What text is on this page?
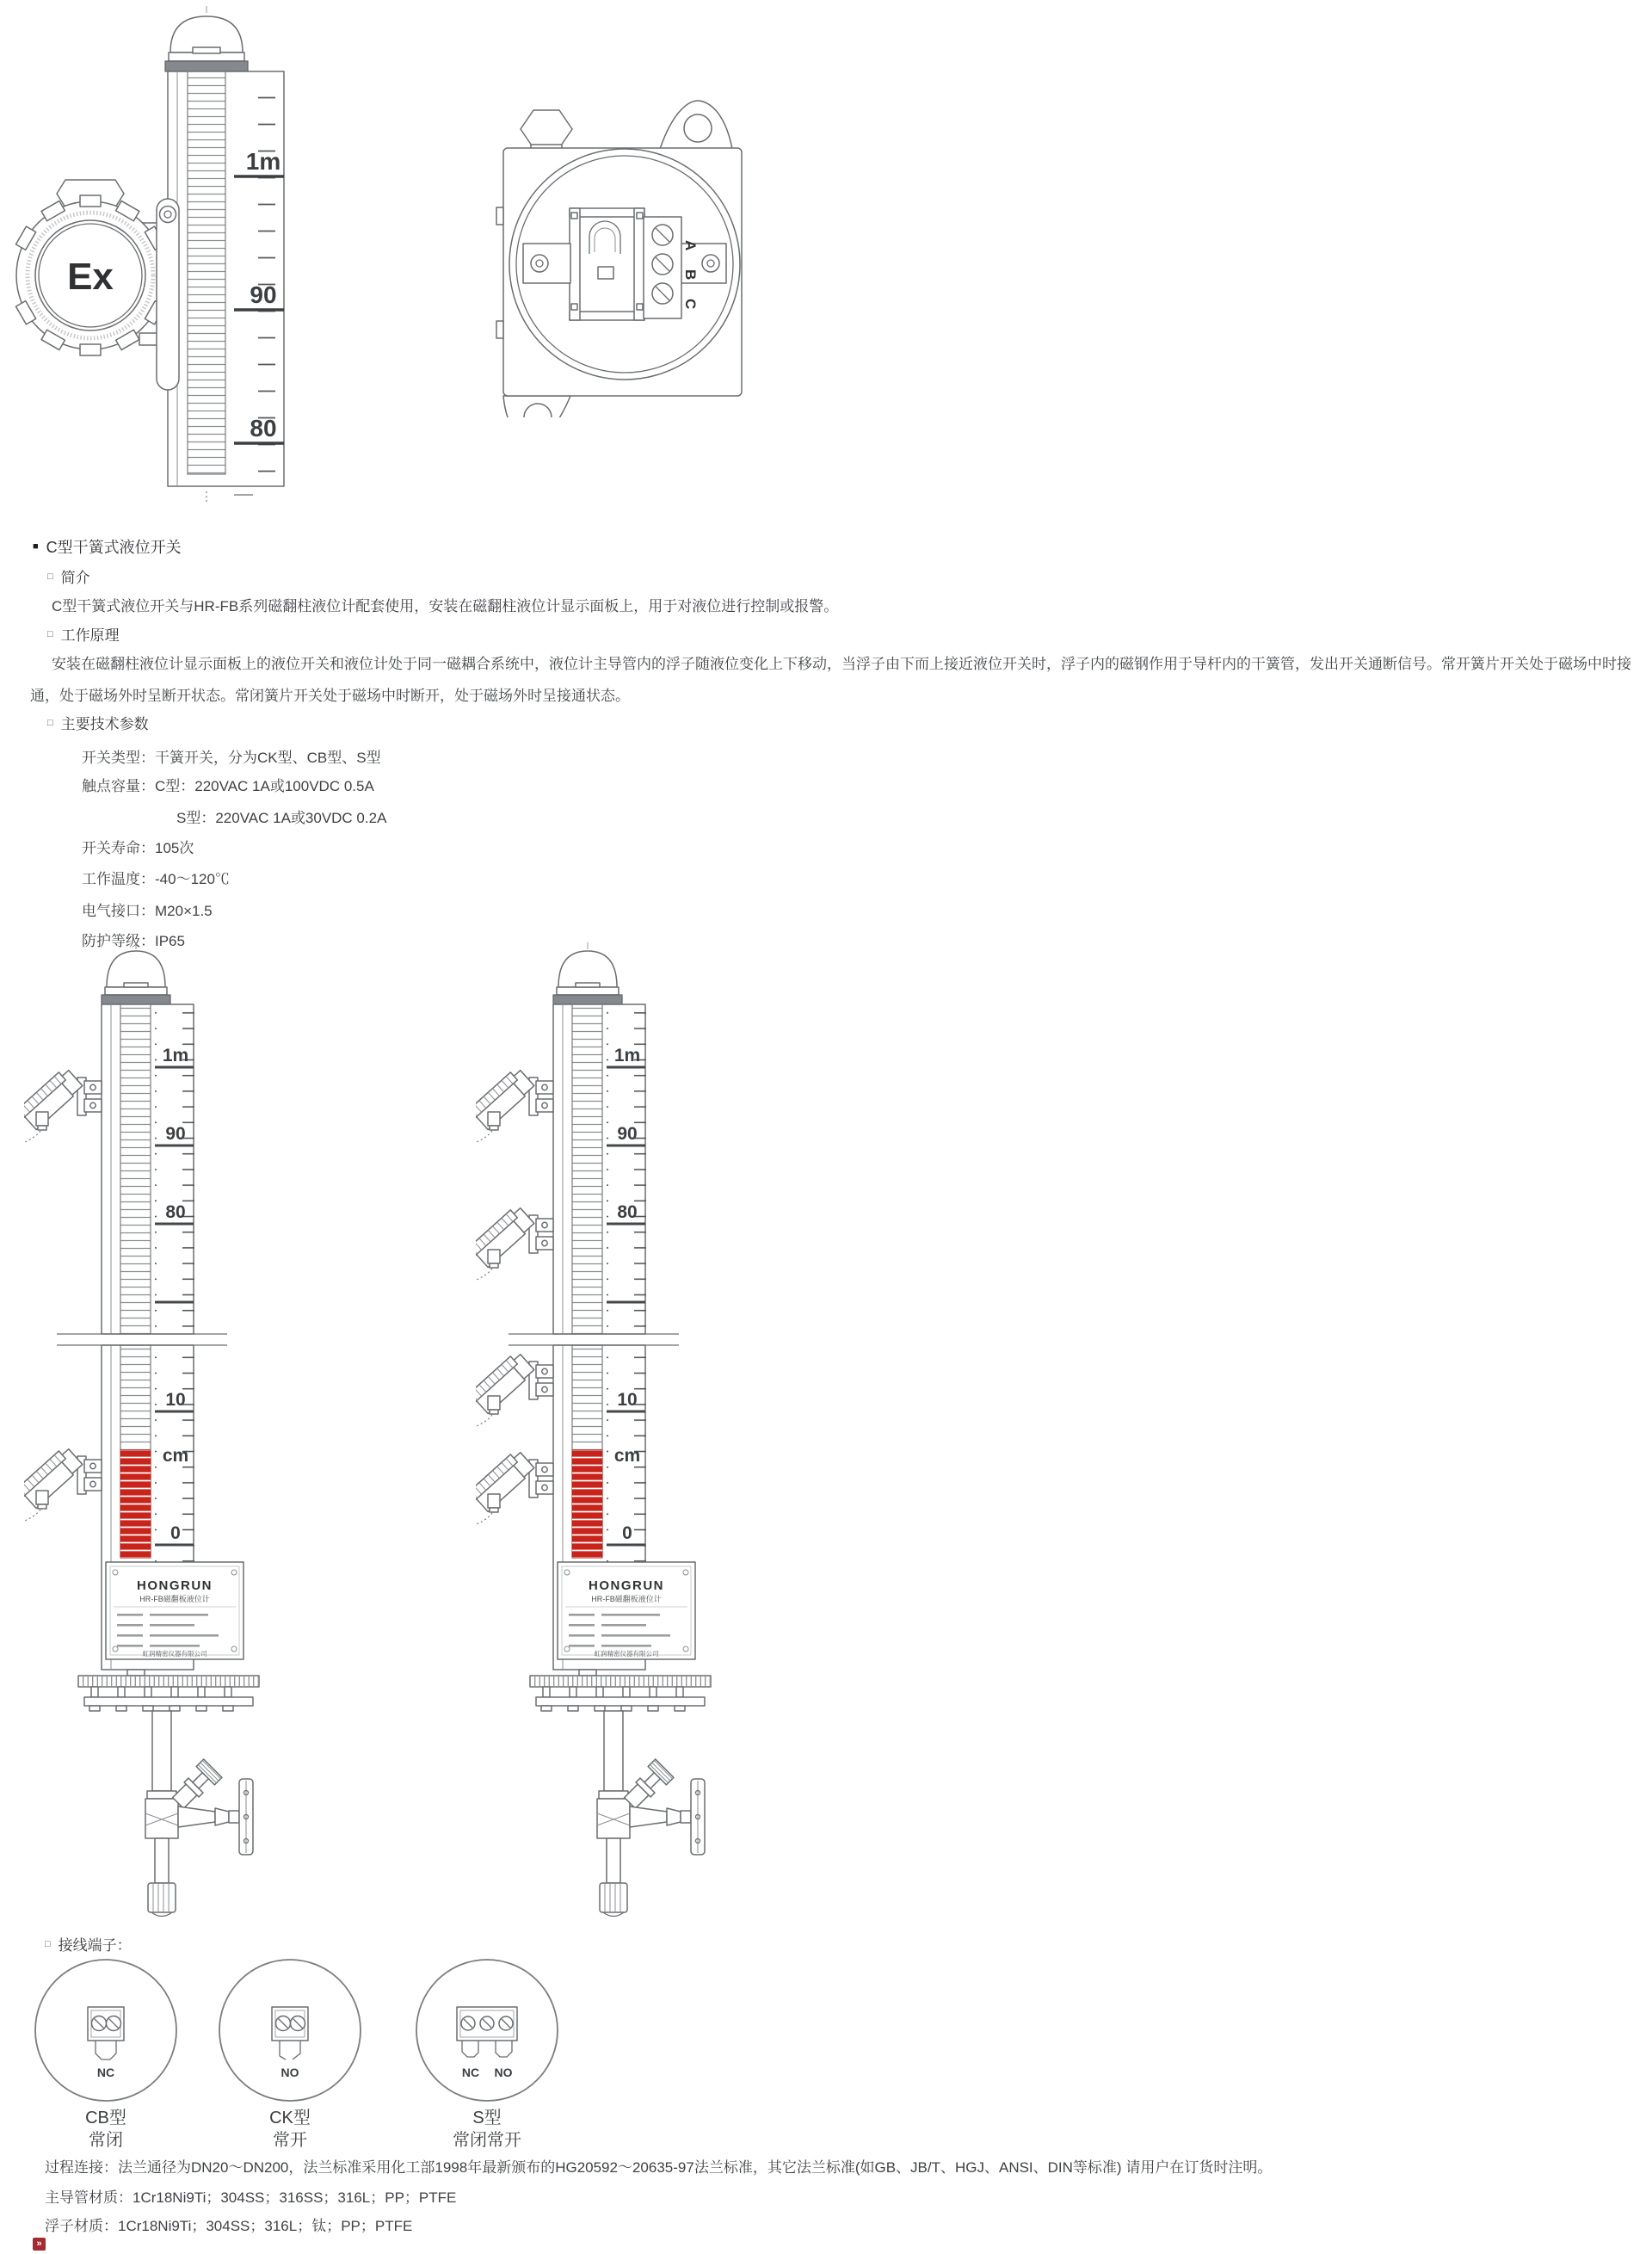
1m
90
80
Ex
A
B
C
■ C型干簧式液位开关
□ 简介
C型干簧式液位开关与HR-FB系列磁翻柱液位计配套使用，安装在磁翻柱液位计显示面板上，用于对液位进行控制或报警。
□ 工作原理
安装在磁翻柱液位计显示面板上的液位开关和液位计处于同一磁耦合系统中，液位计主导管内的浮子随液位变化上下移动，当浮子由下而上接近液位开关时，浮子内的磁钢作用于导杆内的干簧管，发出开关通断信号。常开簧片开关处于磁场中时接通，处于磁场外时呈断开状态。常闭簧片开关处于磁场中时断开，处于磁场外时呈接通状态。
□ 主要技术参数
开关类型：干簧开关，分为CK型、CB型、S型
触点容量：C型：220VAC 1A或100VDC 0.5A
S型：220VAC 1A或30VDC 0.2A
开关寿命：105次
工作温度：-40～120℃
电气接口：M20×1.5
防护等级：IP65
□ 接线端子：
NC
CB型
常闭
NO
CK型
常开
NC NO
S型
常闭常开
过程连接：法兰通径为DN20～DN200，法兰标准采用化工部1998年最新颁布的HG20592～20635-97法兰标准，其它法兰标准(如GB、JB/T、HGJ、ANSI、DIN等标准) 请用户在订货时注明。
主导管材质：1Cr18Ni9Ti；304SS；316SS；316L；PP；PTFE
浮子材质：1Cr18Ni9Ti；304SS；316L；钛；PP；PTFE
»
